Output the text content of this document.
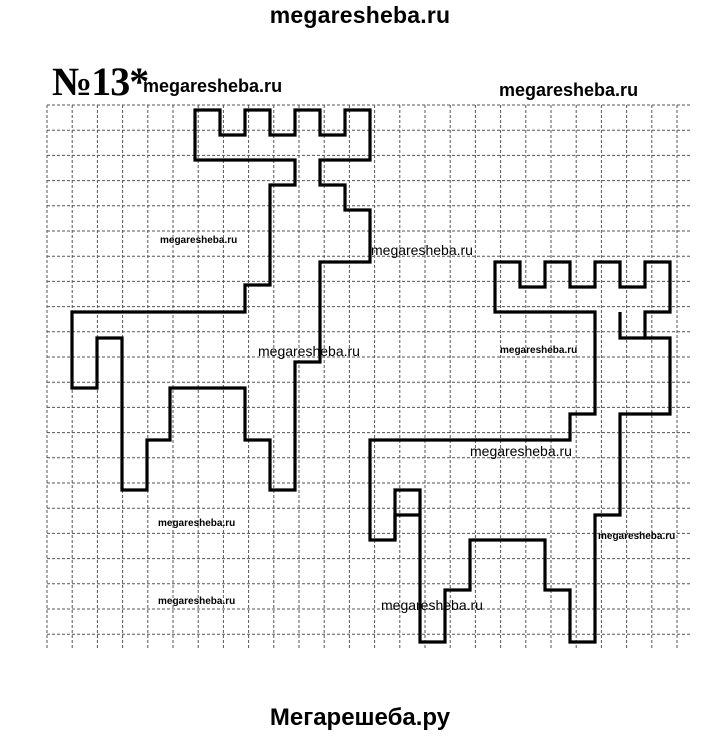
megaresheba.ru
№13*
megaresheba.ru	megaresheba.ru
megaresheba.ru
megaresheba.ru
megaresheba.ru	megaresheba.ru
megaresheba.ru
megaresheba.ru
megaresheba.ru
megaresheba.ru	megaresheba.ru
Мегарешеба.ру
